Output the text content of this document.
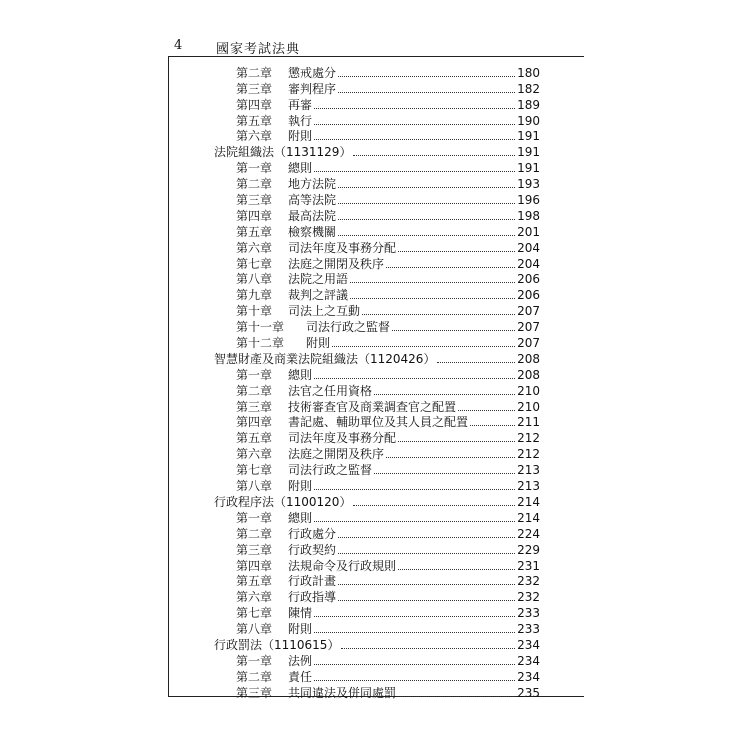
4	國家考試法典
第二章	懲戒處分	180
第三章	審判程序	182
第四章	再審	189
第五章	執行	190
第六章	附則	191
法院組織法（1131129）	191
第一章	總則	191
第二章	地方法院	193
第三章	高等法院	196
第四章	最高法院	198
第五章	檢察機關	201
第六章	司法年度及事務分配	204
第七章	法庭之開閉及秩序	204
第八章	法院之用語	206
第九章	裁判之評議	206
第十章	司法上之互動	207
第十一章	司法行政之監督	207
第十二章	附則	207
智慧財產及商業法院組織法（1120426）	208
第一章	總則	208
第二章	法官之任用資格	210
第三章	技術審查官及商業調查官之配置	210
第四章	書記處、輔助單位及其人員之配置	211
第五章	司法年度及事務分配	212
第六章	法庭之開閉及秩序	212
第七章	司法行政之監督	213
第八章	附則	213
行政程序法（1100120）	214
第一章	總則	214
第二章	行政處分	224
第三章	行政契約	229
第四章	法規命令及行政規則	231
第五章	行政計畫	232
第六章	行政指導	232
第七章	陳情	233
第八章	附則	233
行政罰法（1110615）	234
第一章	法例	234
第二章	責任	234
第三章	共同違法及併同處罰	235
